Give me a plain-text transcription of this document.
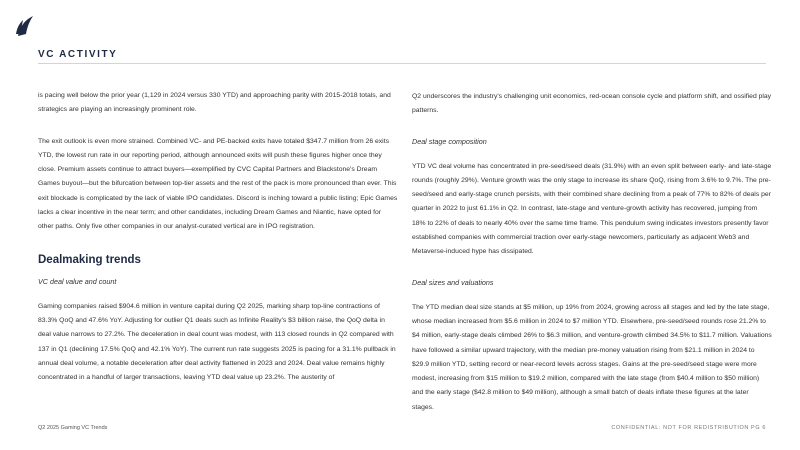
VC ACTIVITY

is pacing well below the prior year (1,129 in 2024 versus 330 YTD) and approaching parity with 2015-2018 totals, and strategics are playing an increasingly prominent role.

The exit outlook is even more strained. Combined VC- and PE-backed exits have totaled $347.7 million from 26 exits YTD, the lowest run rate in our reporting period, although announced exits will push these figures higher once they close. Premium assets continue to attract buyers—exemplified by CVC Capital Partners and Blackstone's Dream Games buyout—but the bifurcation between top-tier assets and the rest of the pack is more pronounced than ever. This exit blockade is complicated by the lack of viable IPO candidates. Discord is inching toward a public listing; Epic Games lacks a clear incentive in the near term; and other candidates, including Dream Games and Niantic, have opted for other paths. Only five other companies in our analyst-curated vertical are in IPO registration.

Dealmaking trends
VC deal value and count

Gaming companies raised $904.6 million in venture capital during Q2 2025, marking sharp top-line contractions of 83.3% QoQ and 47.6% YoY. Adjusting for outlier Q1 deals such as Infinite Reality's $3 billion raise, the QoQ delta in deal value narrows to 27.2%. The deceleration in deal count was modest, with 113 closed rounds in Q2 compared with 137 in Q1 (declining 17.5% QoQ and 42.1% YoY). The current run rate suggests 2025 is pacing for a 31.1% pullback in annual deal volume, a notable deceleration after deal activity flattened in 2023 and 2024. Deal value remains highly concentrated in a handful of larger transactions, leaving YTD deal value up 23.2%. The austerity of

Q2 underscores the industry's challenging unit economics, red-ocean console cycle and platform shift, and ossified play patterns.

Deal stage composition

YTD VC deal volume has concentrated in pre-seed/seed deals (31.9%) with an even split between early- and late-stage rounds (roughly 29%). Venture growth was the only stage to increase its share QoQ, rising from 3.6% to 9.7%. The pre-seed/seed and early-stage crunch persists, with their combined share declining from a peak of 77% to 82% of deals per quarter in 2022 to just 61.1% in Q2. In contrast, late-stage and venture-growth activity has recovered, jumping from 18% to 22% of deals to nearly 40% over the same time frame. This pendulum swing indicates investors presently favor established companies with commercial traction over early-stage newcomers, particularly as adjacent Web3 and Metaverse-induced hype has dissipated.

Deal sizes and valuations

The YTD median deal size stands at $5 million, up 19% from 2024, growing across all stages and led by the late stage, whose median increased from $5.6 million in 2024 to $7 million YTD. Elsewhere, pre-seed/seed rounds rose 21.2% to $4 million, early-stage deals climbed 26% to $6.3 million, and venture-growth climbed 34.5% to $11.7 million. Valuations have followed a similar upward trajectory, with the median pre-money valuation rising from $21.1 million in 2024 to $29.9 million YTD, setting record or near-record levels across stages. Gains at the pre-seed/seed stage were more modest, increasing from $15 million to $19.2 million, compared with the late stage (from $40.4 million to $50 million) and the early stage ($42.8 million to $49 million), although a small batch of deals inflate these figures at the later stages.

Q2 2025 Gaming VC Trends	CONFIDENTIAL: NOT FOR REDISTRIBUTION PG 6
